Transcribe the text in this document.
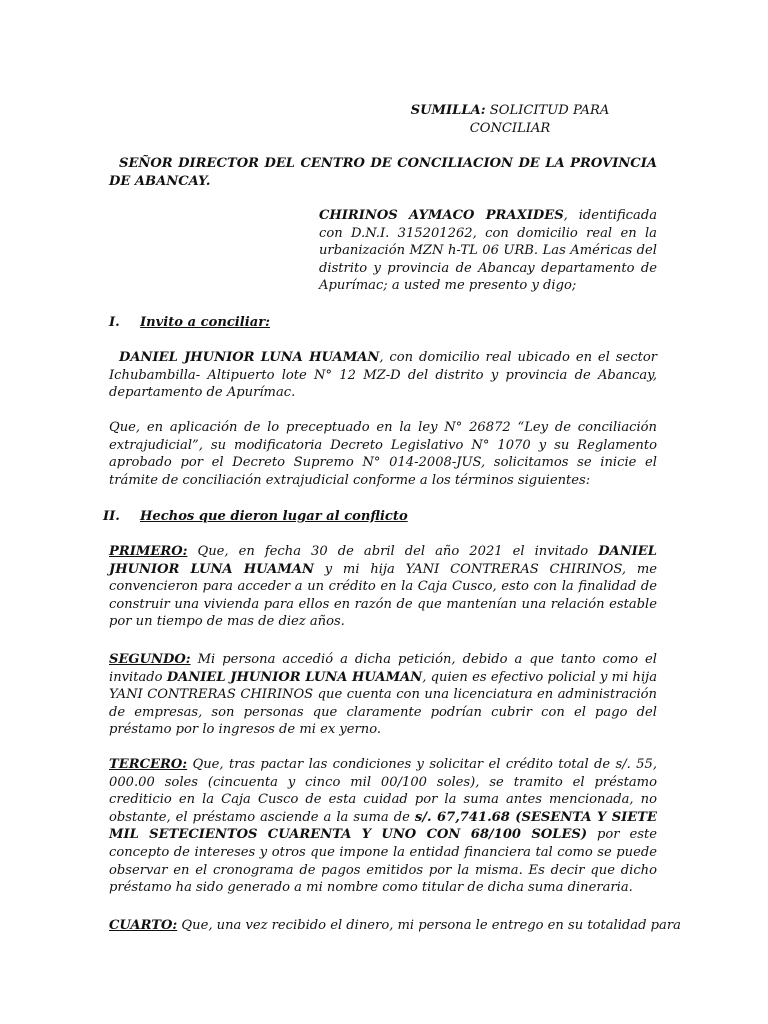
SUMILLA: SOLICITUD PARA
CONCILIAR

SEÑOR DIRECTOR DEL CENTRO DE CONCILIACION DE LA PROVINCIA DE ABANCAY.

CHIRINOS AYMACO PRAXIDES, identificada con D.N.I. 315201262, con domicilio real en la urbanización MZN h-TL 06 URB. Las Américas del distrito y provincia de Abancay departamento de Apurímac; a usted me presento y digo;

I. Invito a conciliar:

DANIEL JHUNIOR LUNA HUAMAN, con domicilio real ubicado en el sector Ichubambilla- Altipuerto lote N° 12 MZ-D del distrito y provincia de Abancay, departamento de Apurímac.

Que, en aplicación de lo preceptuado en la ley N° 26872 “Ley de conciliación extrajudicial”, su modificatoria Decreto Legislativo N° 1070 y su Reglamento aprobado por el Decreto Supremo N° 014-2008-JUS, solicitamos se inicie el trámite de conciliación extrajudicial conforme a los términos siguientes:

II. Hechos que dieron lugar al conflicto

PRIMERO: Que, en fecha 30 de abril del año 2021 el invitado DANIEL JHUNIOR LUNA HUAMAN y mi hija YANI CONTRERAS CHIRINOS, me convencieron para acceder a un crédito en la Caja Cusco, esto con la finalidad de construir una vivienda para ellos en razón de que mantenían una relación estable por un tiempo de mas de diez años.

SEGUNDO: Mi persona accedió a dicha petición, debido a que tanto como el invitado DANIEL JHUNIOR LUNA HUAMAN, quien es efectivo policial y mi hija YANI CONTRERAS CHIRINOS que cuenta con una licenciatura en administración de empresas, son personas que claramente podrían cubrir con el pago del préstamo por lo ingresos de mi ex yerno.

TERCERO: Que, tras pactar las condiciones y solicitar el crédito total de s/. 55, 000.00 soles (cincuenta y cinco mil 00/100 soles), se tramito el préstamo crediticio en la Caja Cusco de esta cuidad por la suma antes mencionada, no obstante, el préstamo asciende a la suma de s/. 67,741.68 (SESENTA Y SIETE MIL SETECIENTOS CUARENTA Y UNO CON 68/100 SOLES) por este concepto de intereses y otros que impone la entidad financiera tal como se puede observar en el cronograma de pagos emitidos por la misma. Es decir que dicho préstamo ha sido generado a mi nombre como titular de dicha suma dineraria.

CUARTO: Que, una vez recibido el dinero, mi persona le entrego en su totalidad para
